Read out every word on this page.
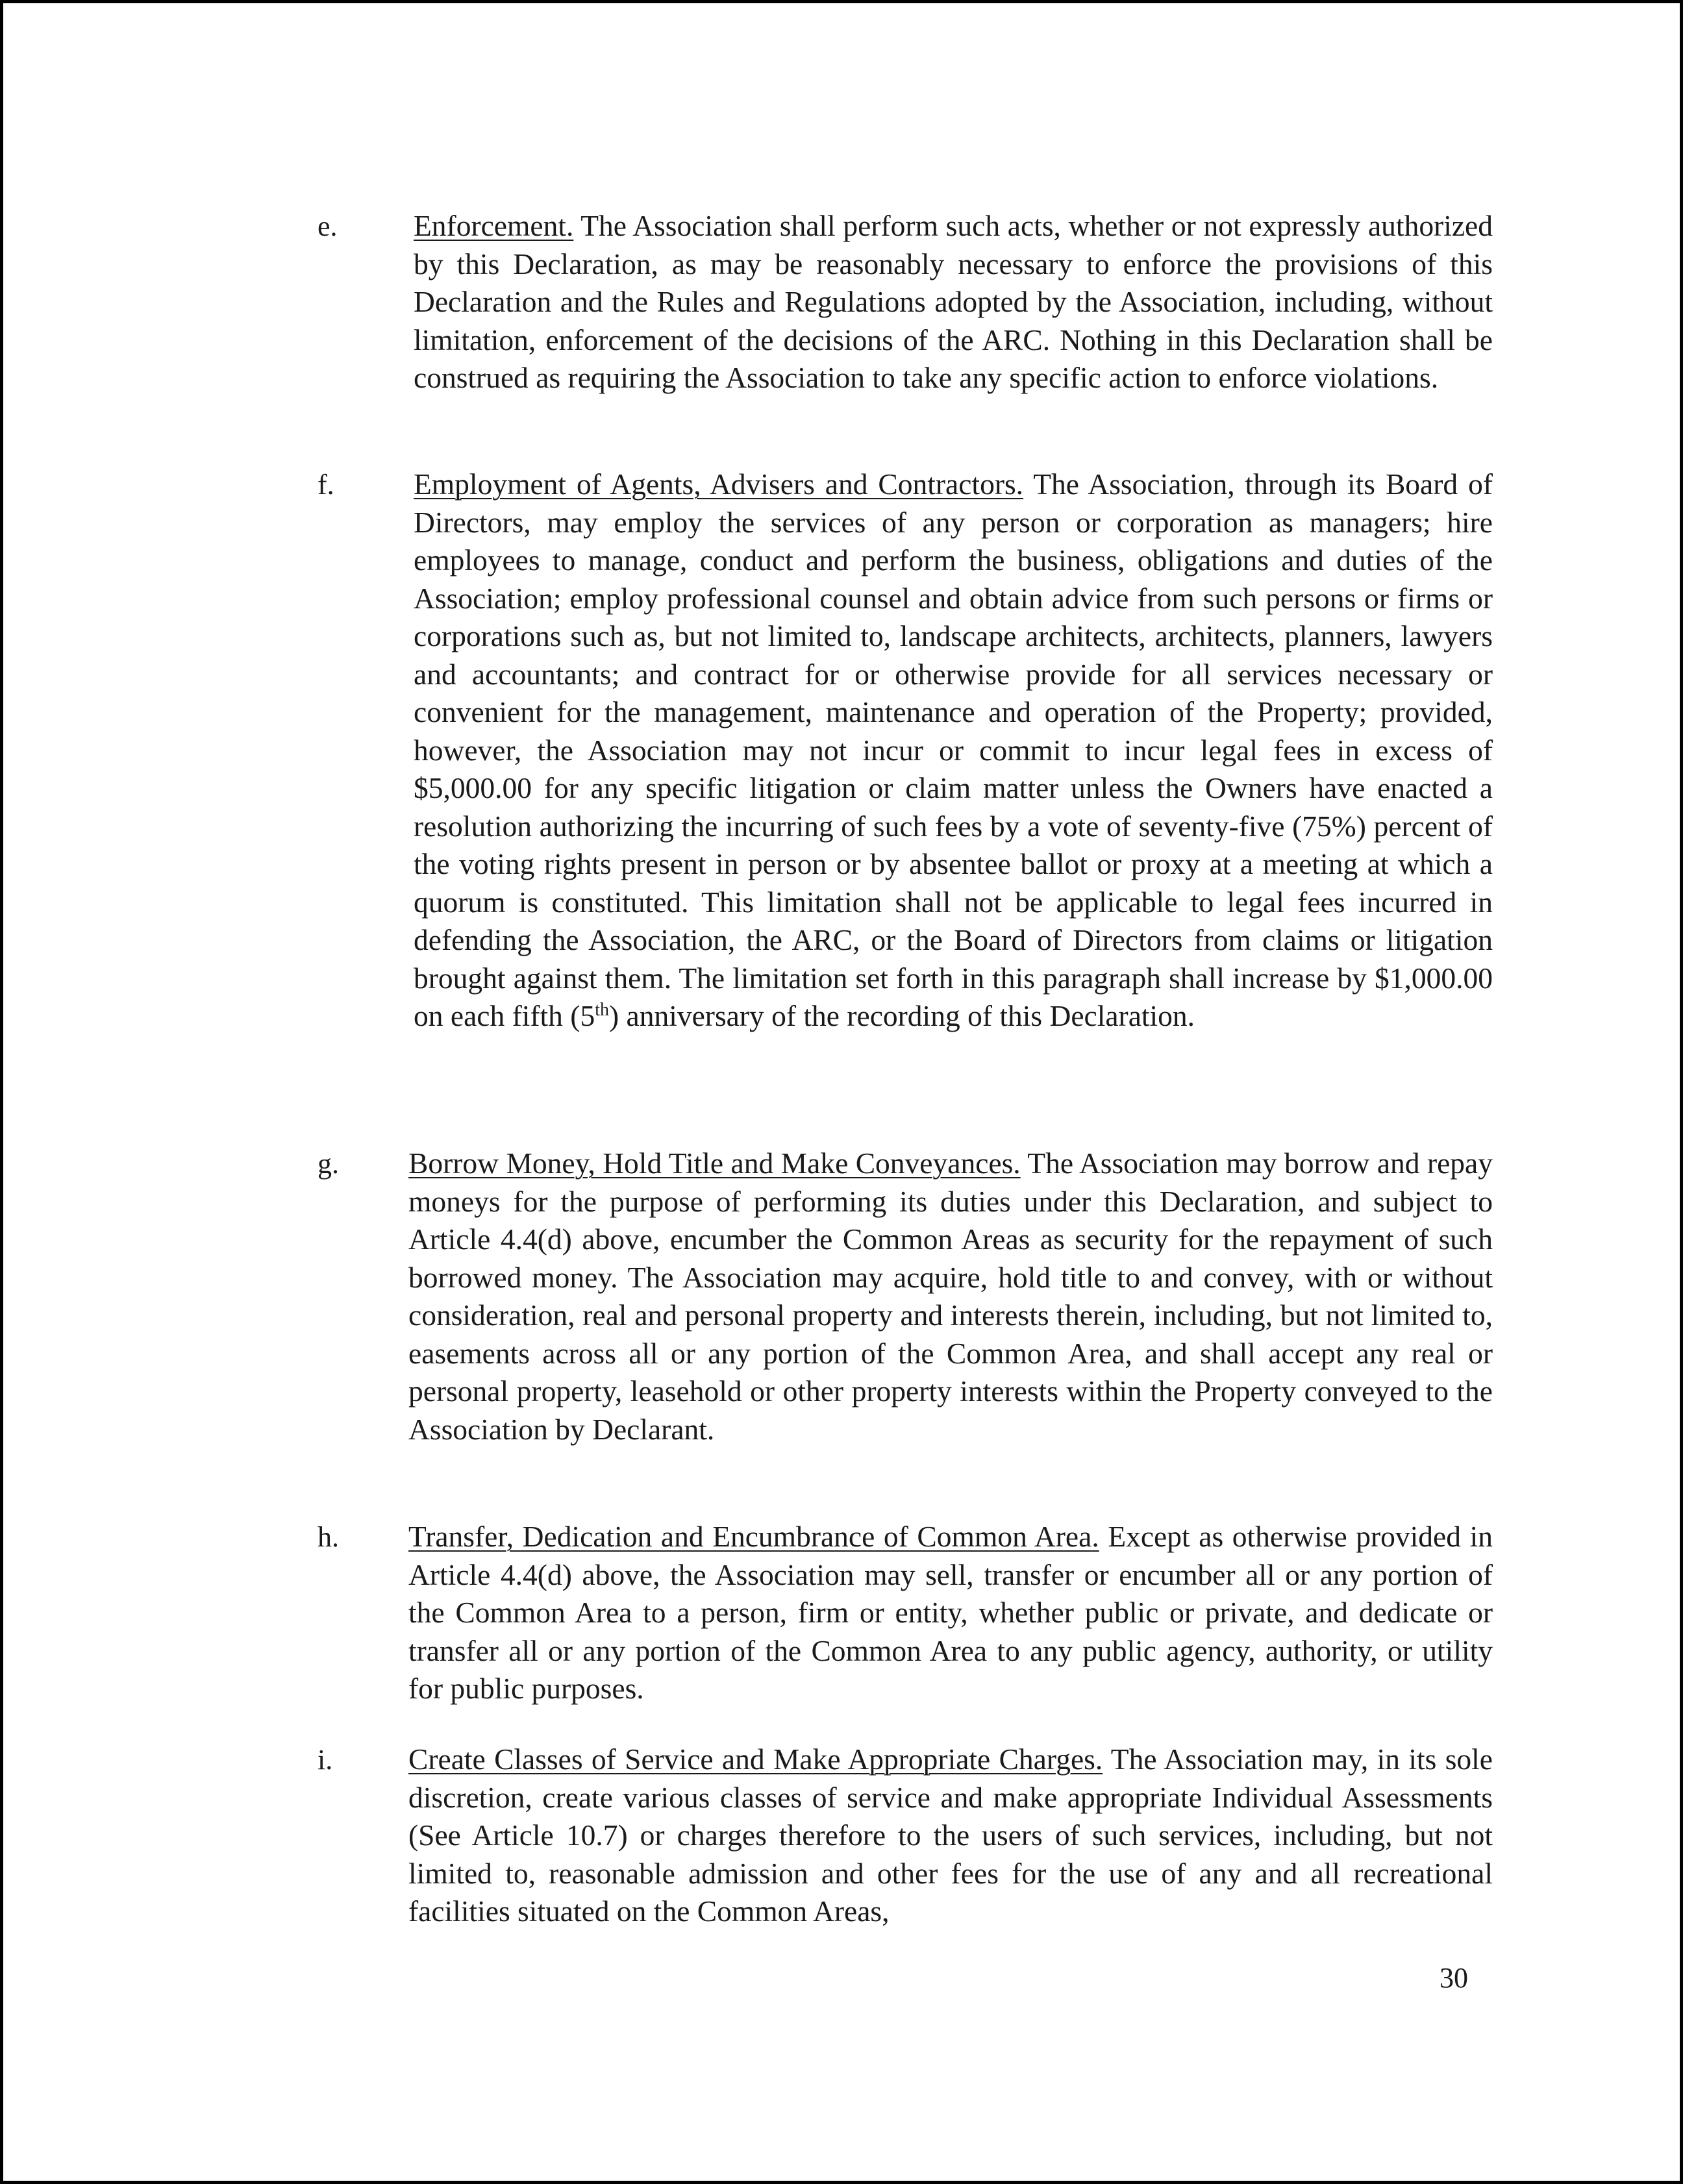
e.	Enforcement. The Association shall perform such acts, whether or not expressly authorized by this Declaration, as may be reasonably necessary to enforce the provisions of this Declaration and the Rules and Regulations adopted by the Association, including, without limitation, enforcement of the decisions of the ARC. Nothing in this Declaration shall be construed as requiring the Association to take any specific action to enforce violations.
f.	Employment of Agents, Advisers and Contractors. The Association, through its Board of Directors, may employ the services of any person or corporation as managers; hire employees to manage, conduct and perform the business, obligations and duties of the Association; employ professional counsel and obtain advice from such persons or firms or corporations such as, but not limited to, landscape architects, architects, planners, lawyers and accountants; and contract for or otherwise provide for all services necessary or convenient for the management, maintenance and operation of the Property; provided, however, the Association may not incur or commit to incur legal fees in excess of $5,000.00 for any specific litigation or claim matter unless the Owners have enacted a resolution authorizing the incurring of such fees by a vote of seventy-five (75%) percent of the voting rights present in person or by absentee ballot or proxy at a meeting at which a quorum is constituted. This limitation shall not be applicable to legal fees incurred in defending the Association, the ARC, or the Board of Directors from claims or litigation brought against them. The limitation set forth in this paragraph shall increase by $1,000.00 on each fifth (5th) anniversary of the recording of this Declaration.
g. Borrow Money, Hold Title and Make Conveyances. The Association may borrow and repay moneys for the purpose of performing its duties under this Declaration, and subject to Article 4.4(d) above, encumber the Common Areas as security for the repayment of such borrowed money. The Association may acquire, hold title to and convey, with or without consideration, real and personal property and interests therein, including, but not limited to, easements across all or any portion of the Common Area, and shall accept any real or personal property, leasehold or other property interests within the Property conveyed to the Association by Declarant.
h. Transfer, Dedication and Encumbrance of Common Area. Except as otherwise provided in Article 4.4(d) above, the Association may sell, transfer or encumber all or any portion of the Common Area to a person, firm or entity, whether public or private, and dedicate or transfer all or any portion of the Common Area to any public agency, authority, or utility for public purposes.
i.	Create Classes of Service and Make Appropriate Charges. The Association may, in its sole discretion, create various classes of service and make appropriate Individual Assessments (See Article 10.7) or charges therefore to the users of such services, including, but not limited to, reasonable admission and other fees for the use of any and all recreational facilities situated on the Common Areas,
30
